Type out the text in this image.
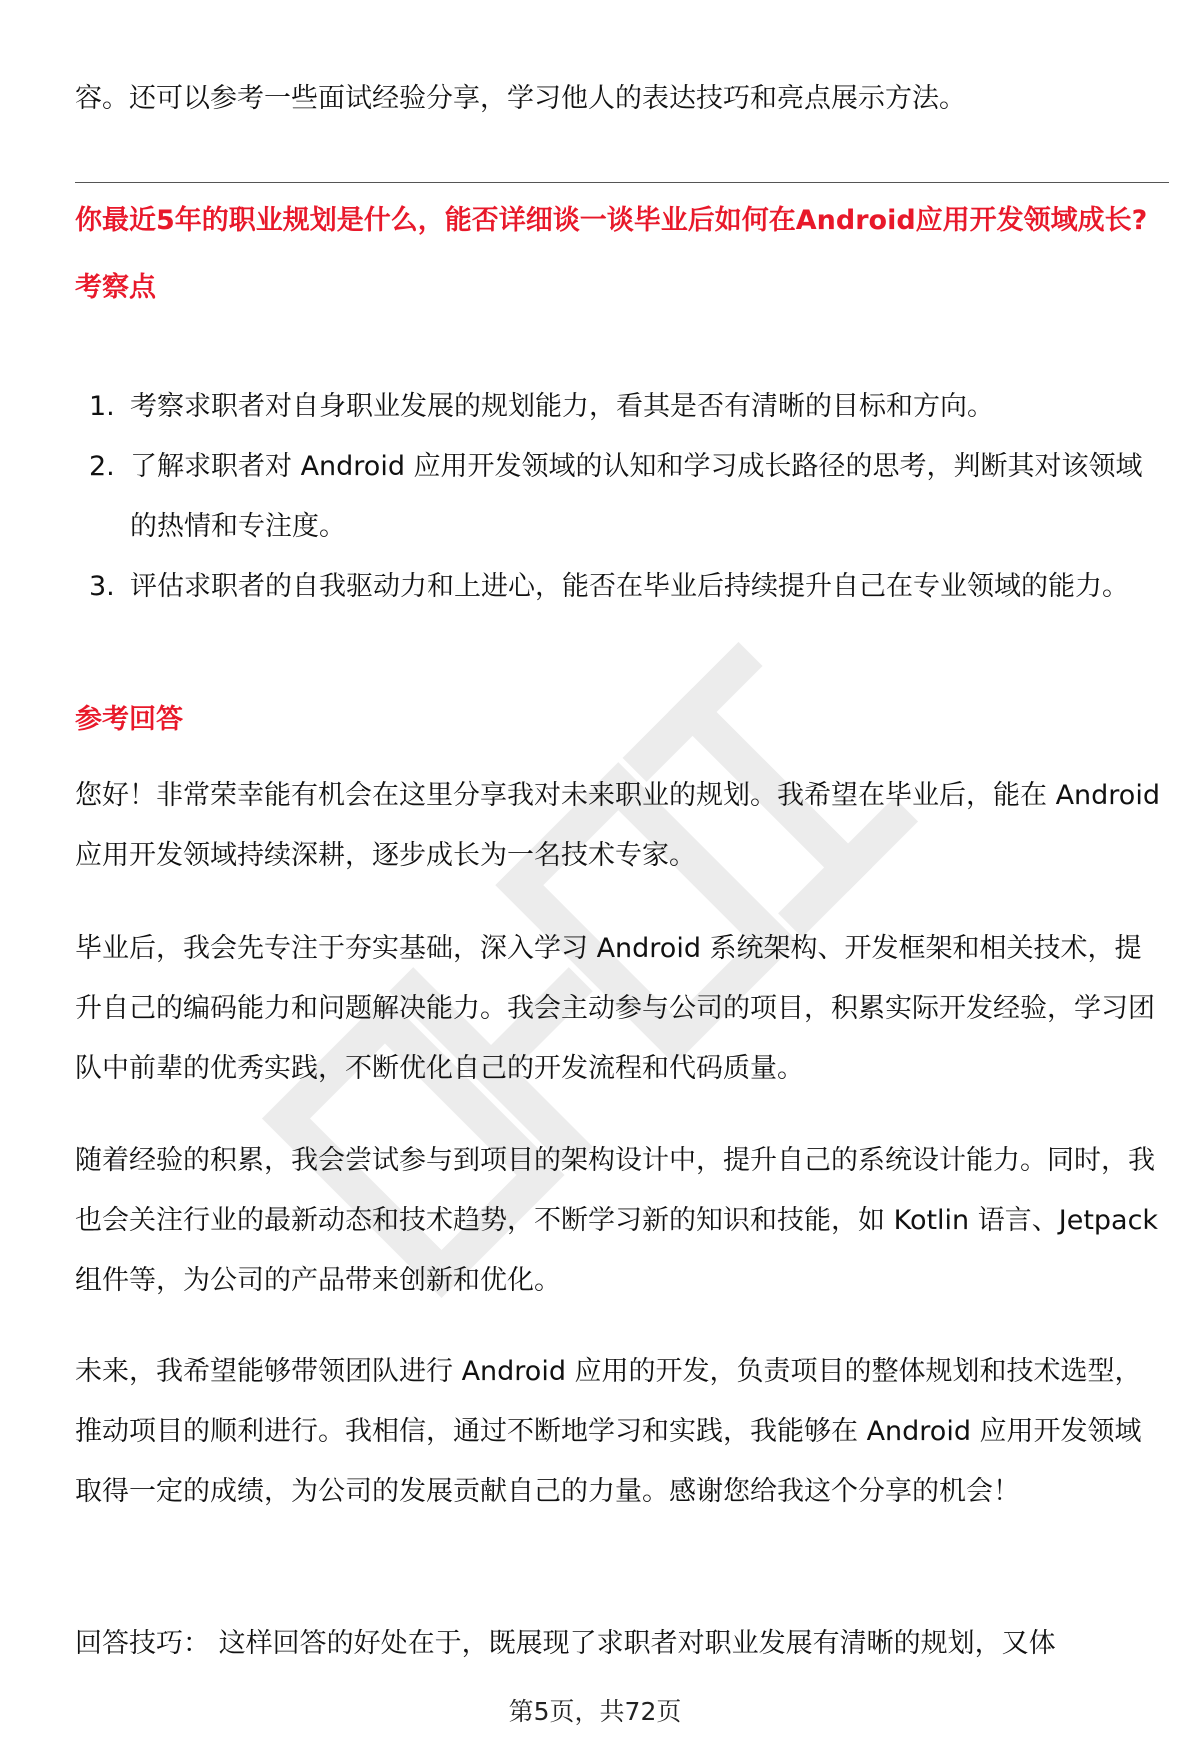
容。还可以参考一些面试经验分享，学习他人的表达技巧和亮点展示方法。
你最近5年的职业规划是什么，能否详细谈一谈毕业后如何在Android应用开发领域成长?
考察点
1. 考察求职者对自身职业发展的规划能力，看其是否有清晰的目标和方向。
2. 了解求职者对 Android 应用开发领域的认知和学习成长路径的思考，判断其对该领域的热情和专注度。
3. 评估求职者的自我驱动力和上进心，能否在毕业后持续提升自己在专业领域的能力。
参考回答

您好！非常荣幸能有机会在这里分享我对未来职业的规划。我希望在毕业后，能在 Android 应用开发领域持续深耕，逐步成长为一名技术专家。

毕业后，我会先专注于夯实基础，深入学习 Android 系统架构、开发框架和相关技术，提升自己的编码能力和问题解决能力。我会主动参与公司的项目，积累实际开发经验，学习团队中前辈的优秀实践，不断优化自己的开发流程和代码质量。

随着经验的积累，我会尝试参与到项目的架构设计中，提升自己的系统设计能力。同时，我也会关注行业的最新动态和技术趋势，不断学习新的知识和技能，如 Kotlin 语言、Jetpack 组件等，为公司的产品带来创新和优化。

未来，我希望能够带领团队进行 Android 应用的开发，负责项目的整体规划和技术选型，推动项目的顺利进行。我相信，通过不断地学习和实践，我能够在 Android 应用开发领域取得一定的成绩，为公司的发展贡献自己的力量。感谢您给我这个分享的机会！

回答技巧： 这样回答的好处在于，既展现了求职者对职业发展有清晰的规划，又体

第5页，共72页
